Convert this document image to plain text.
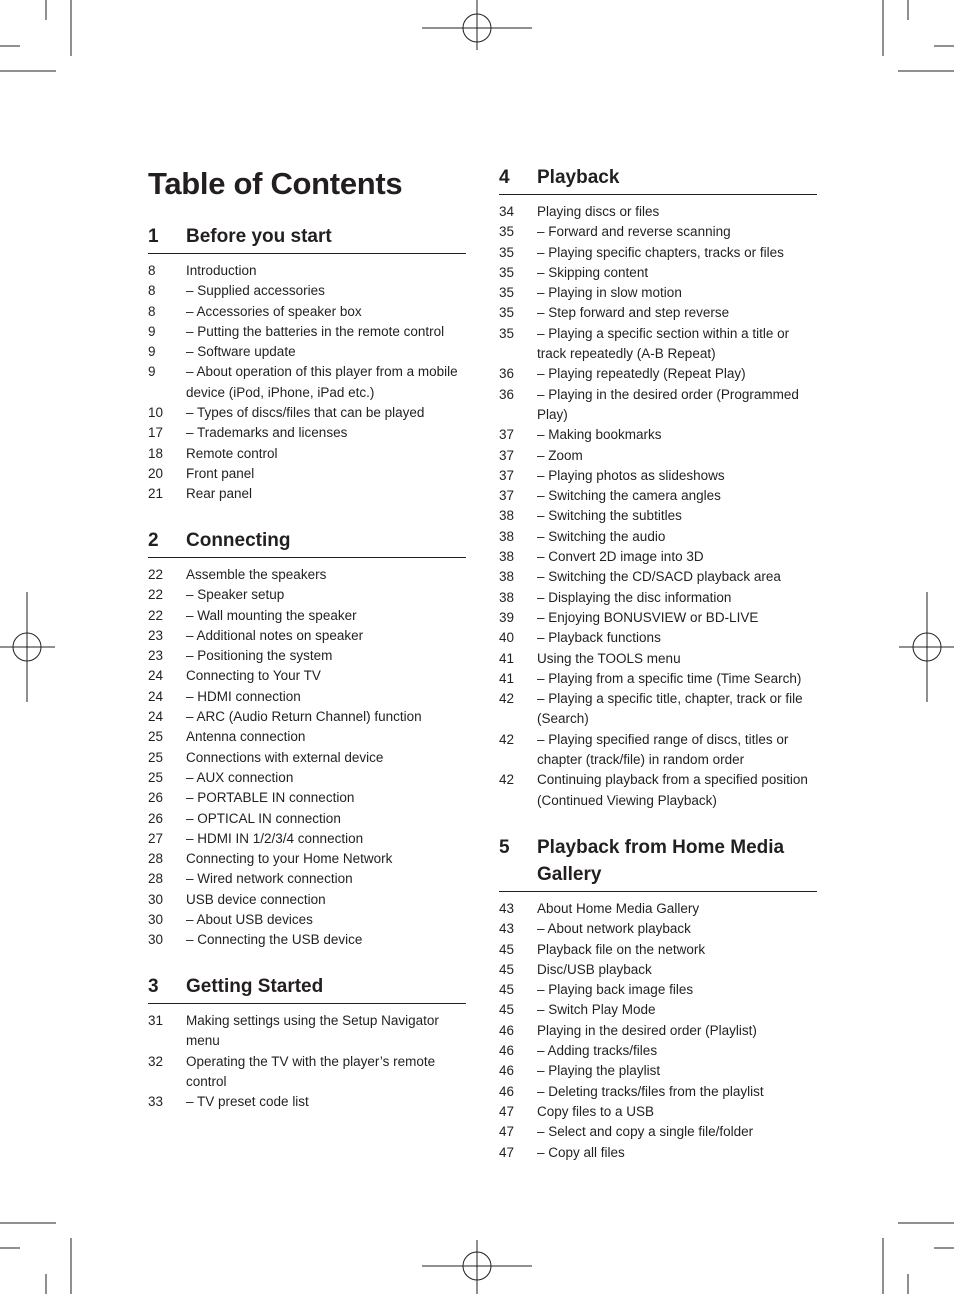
Table of Contents
1	Before you start
8	Introduction
8	– Supplied accessories
8	– Accessories of speaker box
9	– Putting the batteries in the remote control
9	– Software update
9	– About operation of this player from a mobile device (iPod, iPhone, iPad etc.)
10	– Types of discs/files that can be played
17	– Trademarks and licenses
18	Remote control
20	Front panel
21	Rear panel
2	Connecting
22	Assemble the speakers
22	– Speaker setup
22	– Wall mounting the speaker
23	– Additional notes on speaker
23	– Positioning the system
24	Connecting to Your TV
24	– HDMI connection
24	– ARC (Audio Return Channel) function
25	Antenna connection
25	Connections with external device
25	– AUX connection
26	– PORTABLE IN connection
26	– OPTICAL IN connection
27	– HDMI IN 1/2/3/4 connection
28	Connecting to your Home Network
28	– Wired network connection
30	USB device connection
30	– About USB devices
30	– Connecting the USB device
3	Getting Started
31	Making settings using the Setup Navigator menu
32	Operating the TV with the player’s remote control
33	– TV preset code list
4	Playback
34	Playing discs or files
35	– Forward and reverse scanning
35	– Playing specific chapters, tracks or files
35	– Skipping content
35	– Playing in slow motion
35	– Step forward and step reverse
35	– Playing a specific section within a title or track repeatedly (A-B Repeat)
36	– Playing repeatedly (Repeat Play)
36	– Playing in the desired order (Programmed Play)
37	– Making bookmarks
37	– Zoom
37	– Playing photos as slideshows
37	– Switching the camera angles
38	– Switching the subtitles
38	– Switching the audio
38	– Convert 2D image into 3D
38	– Switching the CD/SACD playback area
38	– Displaying the disc information
39	– Enjoying BONUSVIEW or BD-LIVE
40	– Playback functions
41	Using the TOOLS menu
41	– Playing from a specific time (Time Search)
42	– Playing a specific title, chapter, track or file (Search)
42	– Playing specified range of discs, titles or chapter (track/file) in random order
42	Continuing playback from a specified position (Continued Viewing Playback)
5	Playback from Home Media Gallery
43	About Home Media Gallery
43	– About network playback
45	Playback file on the network
45	Disc/USB playback
45	– Playing back image files
45	– Switch Play Mode
46	Playing in the desired order (Playlist)
46	– Adding tracks/files
46	– Playing the playlist
46	– Deleting tracks/files from the playlist
47	Copy files to a USB
47	– Select and copy a single file/folder
47	– Copy all files
